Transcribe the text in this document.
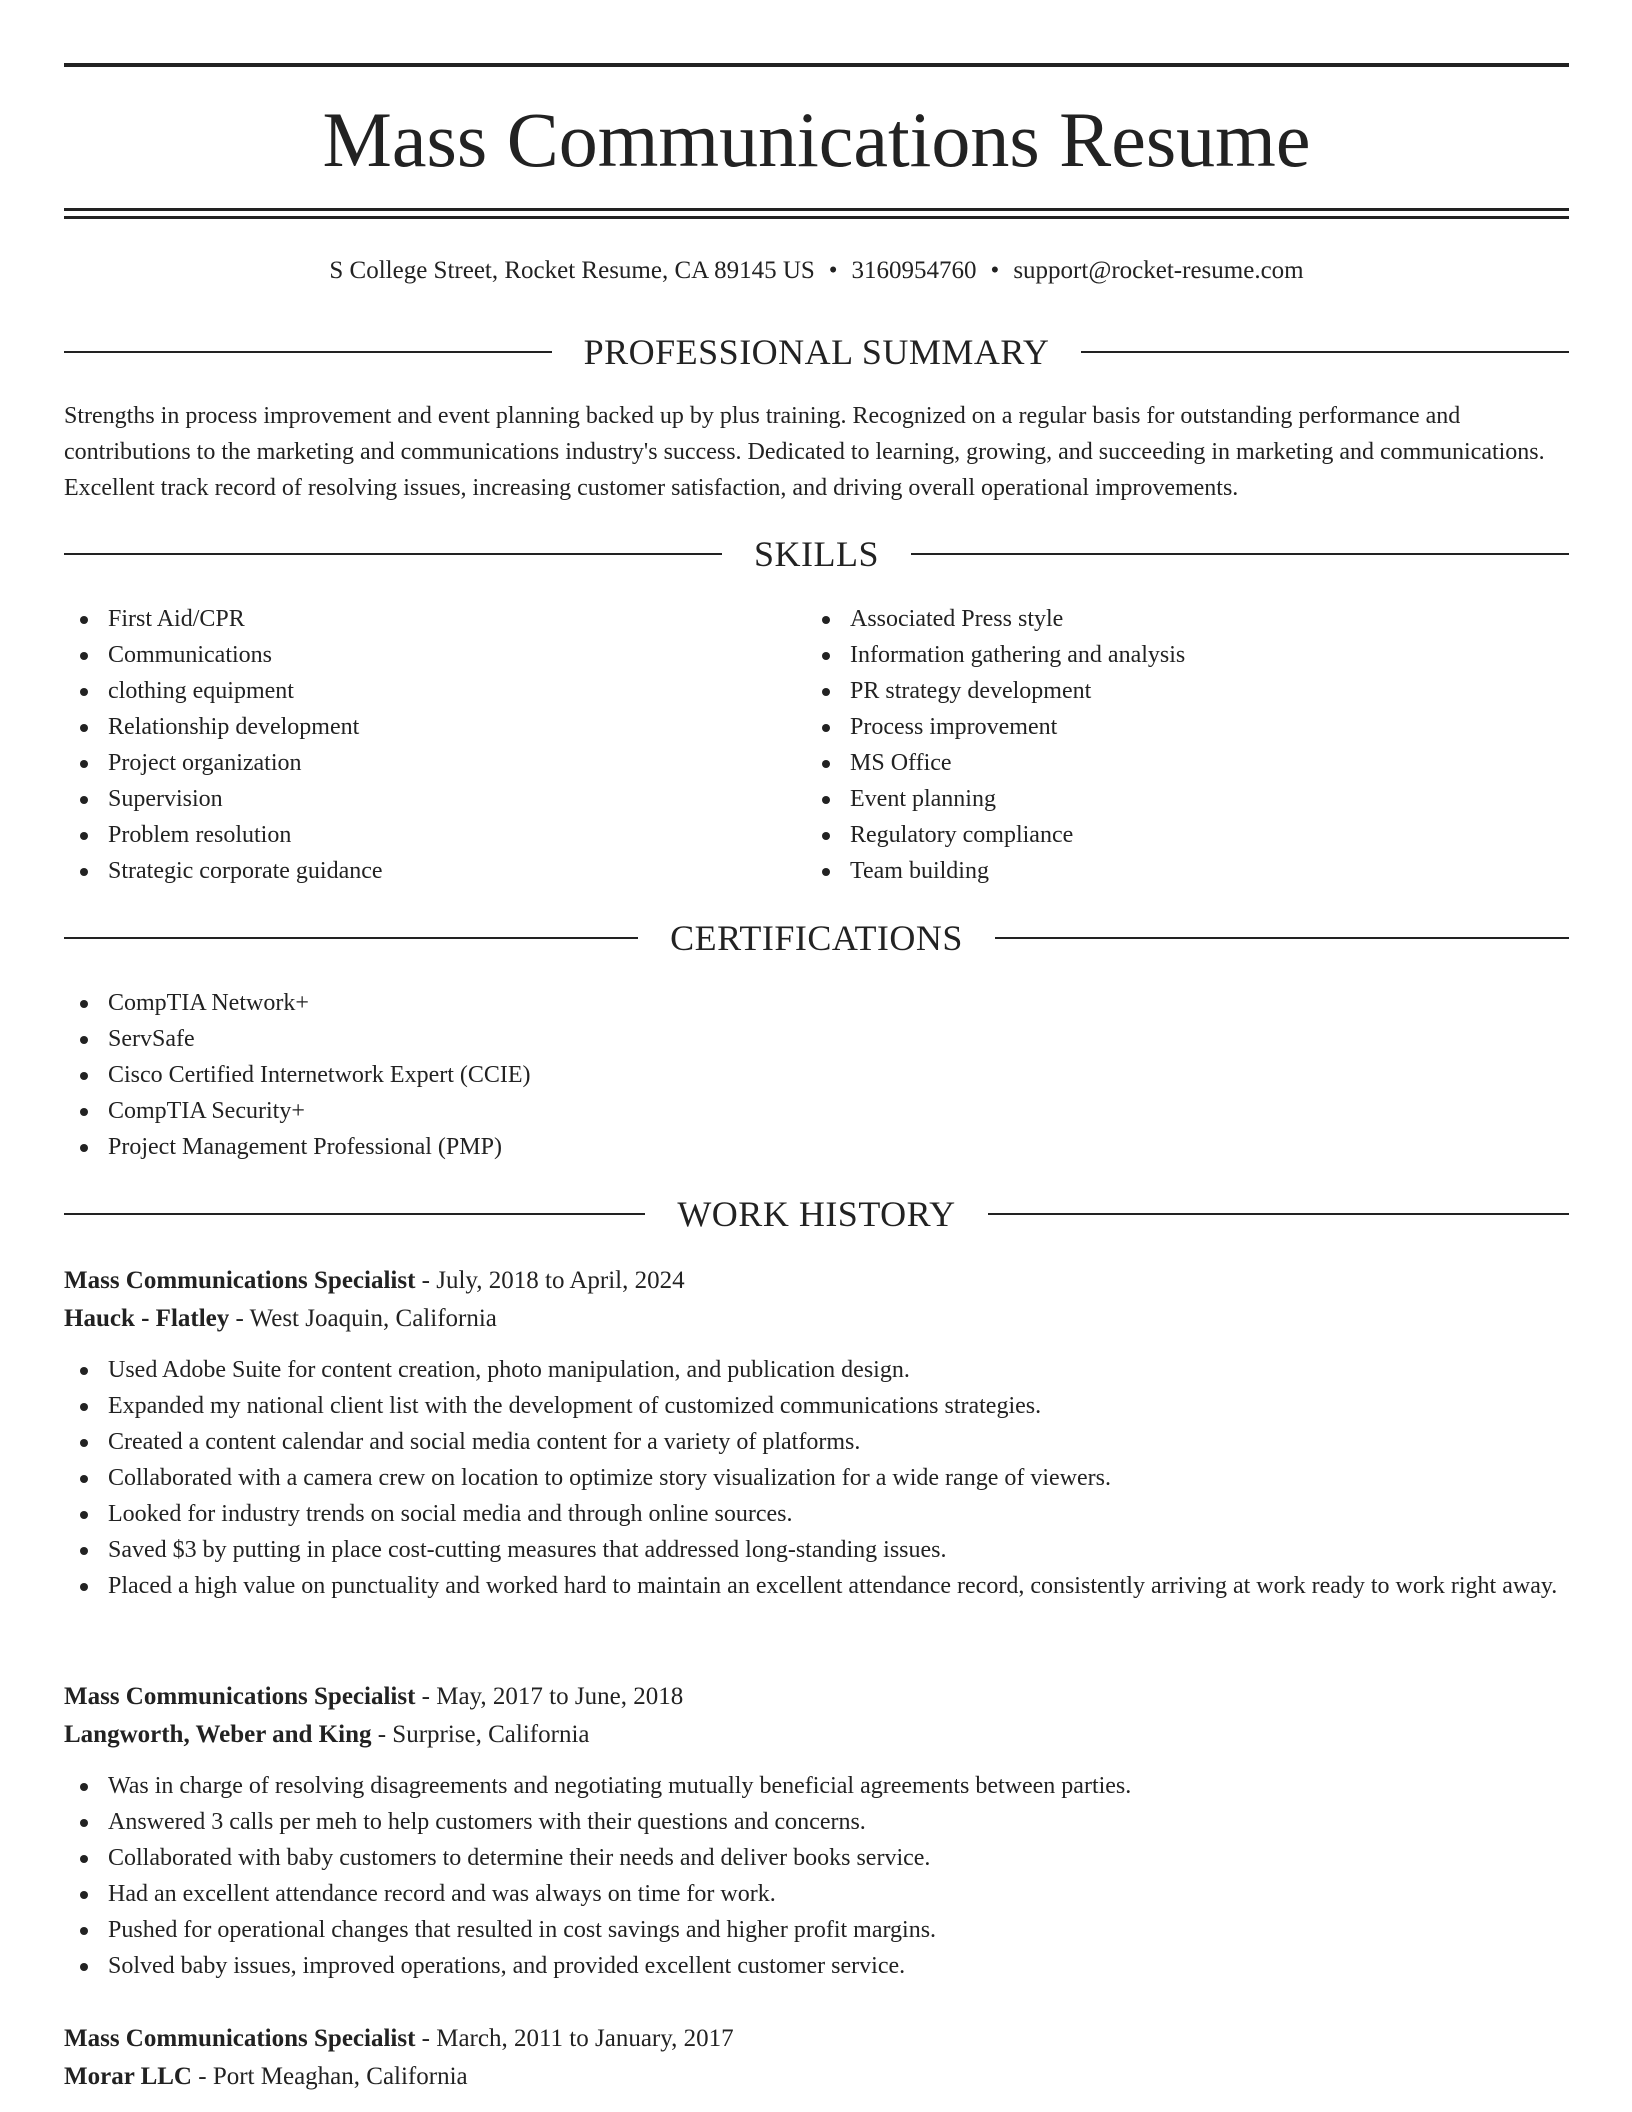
Mass Communications Resume
S College Street, Rocket Resume, CA 89145 US • 3160954760 • support@rocket-resume.com
PROFESSIONAL SUMMARY

Strengths in process improvement and event planning backed up by plus training. Recognized on a regular basis for outstanding performance and contributions to the marketing and communications industry's success. Dedicated to learning, growing, and succeeding in marketing and communications. Excellent track record of resolving issues, increasing customer satisfaction, and driving overall operational improvements.

SKILLS
First Aid/CPR
Communications
clothing equipment
Relationship development
Project organization
Supervision
Problem resolution
Strategic corporate guidance
Associated Press style
Information gathering and analysis
PR strategy development
Process improvement
MS Office
Event planning
Regulatory compliance
Team building
CERTIFICATIONS
CompTIA Network+
ServSafe
Cisco Certified Internetwork Expert (CCIE)
CompTIA Security+
Project Management Professional (PMP)
WORK HISTORY
Mass Communications Specialist - July, 2018 to April, 2024
Hauck - Flatley - West Joaquin, California
Used Adobe Suite for content creation, photo manipulation, and publication design.
Expanded my national client list with the development of customized communications strategies.
Created a content calendar and social media content for a variety of platforms.
Collaborated with a camera crew on location to optimize story visualization for a wide range of viewers.
Looked for industry trends on social media and through online sources.
Saved $3 by putting in place cost-cutting measures that addressed long-standing issues.
Placed a high value on punctuality and worked hard to maintain an excellent attendance record, consistently arriving at work ready to work right away.
Mass Communications Specialist - May, 2017 to June, 2018
Langworth, Weber and King - Surprise, California
Was in charge of resolving disagreements and negotiating mutually beneficial agreements between parties.
Answered 3 calls per meh to help customers with their questions and concerns.
Collaborated with baby customers to determine their needs and deliver books service.
Had an excellent attendance record and was always on time for work.
Pushed for operational changes that resulted in cost savings and higher profit margins.
Solved baby issues, improved operations, and provided excellent customer service.
Mass Communications Specialist - March, 2011 to January, 2017
Morar LLC - Port Meaghan, California
